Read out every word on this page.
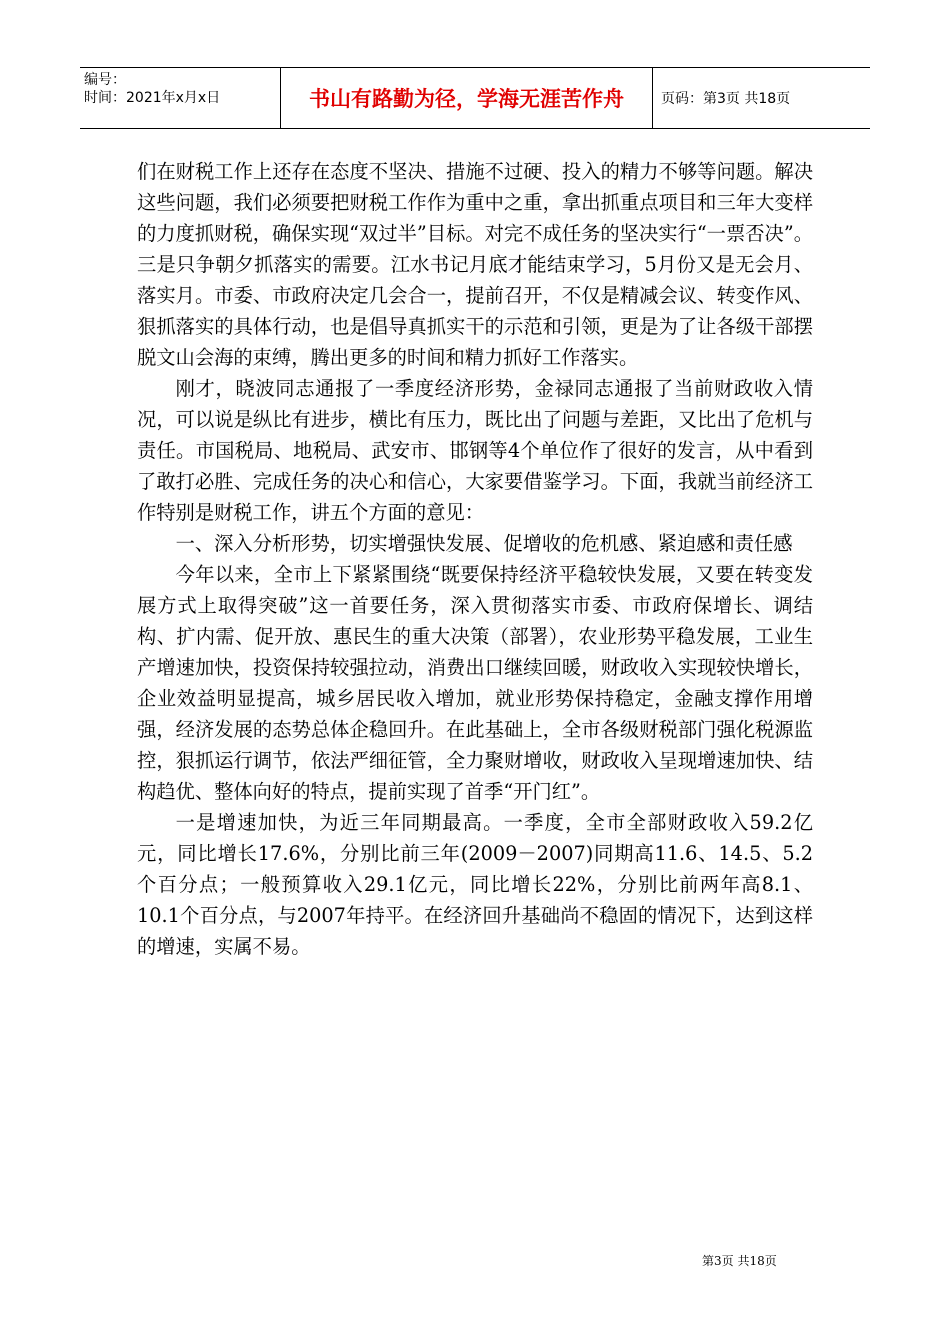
编号：
时间：2021年x月x日	书山有路勤为径，学海无涯苦作舟	页码：第3页 共18页

们在财税工作上还存在态度不坚决、措施不过硬、投入的精力不够等问题。解决这些问题，我们必须要把财税工作作为重中之重，拿出抓重点项目和三年大变样的力度抓财税，确保实现“双过半”目标。对完不成任务的坚决实行“一票否决”。三是只争朝夕抓落实的需要。江水书记月底才能结束学习，5月份又是无会月、落实月。市委、市政府决定几会合一，提前召开，不仅是精减会议、转变作风、狠抓落实的具体行动，也是倡导真抓实干的示范和引领，更是为了让各级干部摆脱文山会海的束缚，腾出更多的时间和精力抓好工作落实。

刚才，晓波同志通报了一季度经济形势，金禄同志通报了当前财政收入情况，可以说是纵比有进步，横比有压力，既比出了问题与差距，又比出了危机与责任。市国税局、地税局、武安市、邯钢等4个单位作了很好的发言，从中看到了敢打必胜、完成任务的决心和信心，大家要借鉴学习。下面，我就当前经济工作特别是财税工作，讲五个方面的意见：

一、深入分析形势，切实增强快发展、促增收的危机感、紧迫感和责任感

今年以来，全市上下紧紧围绕“既要保持经济平稳较快发展，又要在转变发展方式上取得突破”这一首要任务，深入贯彻落实市委、市政府保增长、调结构、扩内需、促开放、惠民生的重大决策（部署），农业形势平稳发展，工业生产增速加快，投资保持较强拉动，消费出口继续回暖，财政收入实现较快增长，企业效益明显提高，城乡居民收入增加，就业形势保持稳定，金融支撑作用增强，经济发展的态势总体企稳回升。在此基础上，全市各级财税部门强化税源监控，狠抓运行调节，依法严细征管，全力聚财增收，财政收入呈现增速加快、结构趋优、整体向好的特点，提前实现了首季“开门红”。

一是增速加快，为近三年同期最高。一季度，全市全部财政收入59.2亿元，同比增长17.6%，分别比前三年(2009－2007)同期高11.6、14.5、5.2个百分点；一般预算收入29.1亿元，同比增长22%，分别比前两年高8.1、10.1个百分点，与2007年持平。在经济回升基础尚不稳固的情况下，达到这样的增速，实属不易。

第3页 共18页
